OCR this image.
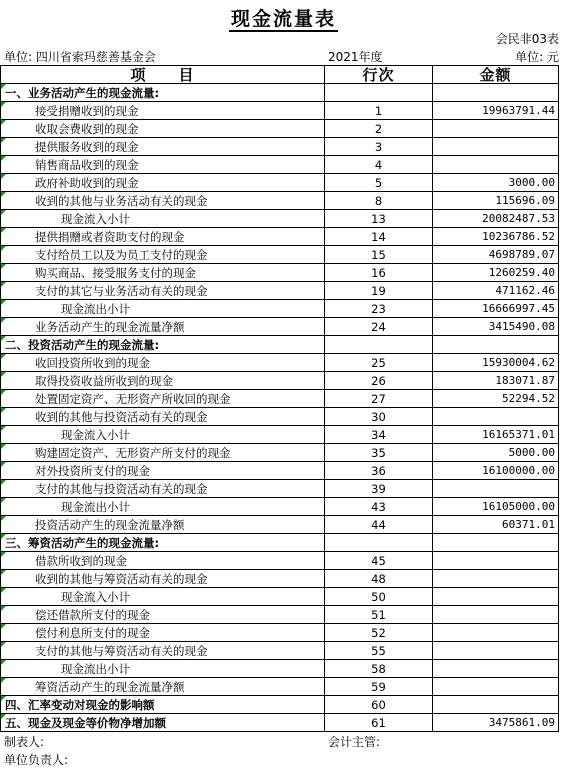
现金流量表
会民非03表
单位: 四川省索玛慈善基金会	2021年度	单位: 元
项　　目	行次	金额

一、业务活动产生的现金流量:		

接受捐赠收到的现金	1	19963791.44

收取会费收到的现金	2	

提供服务收到的现金	3	

销售商品收到的现金	4	

政府补助收到的现金	5	3000.00

收到的其他与业务活动有关的现金	8	115696.09

现金流入小计	13	20082487.53

提供捐赠或者资助支付的现金	14	10236786.52

支付给员工以及为员工支付的现金	15	4698789.07

购买商品、接受服务支付的现金	16	1260259.40

支付的其它与业务活动有关的现金	19	471162.46

现金流出小计	23	16666997.45

业务活动产生的现金流量净额	24	3415490.08

二、投资活动产生的现金流量:		

收回投资所收到的现金	25	15930004.62

取得投资收益所收到的现金	26	183071.87

处置固定资产、无形资产所收回的现金	27	52294.52

收到的其他与投资活动有关的现金	30	

现金流入小计	34	16165371.01

购建固定资产、无形资产所支付的现金	35	5000.00

对外投资所支付的现金	36	16100000.00

支付的其他与投资活动有关的现金	39	

现金流出小计	43	16105000.00

投资活动产生的现金流量净额	44	60371.01

三、筹资活动产生的现金流量:		

借款所收到的现金	45	

收到的其他与筹资活动有关的现金	48	

现金流入小计	50	

偿还借款所支付的现金	51	

偿付利息所支付的现金	52	

支付的其他与筹资活动有关的现金	55	

现金流出小计	58	

筹资活动产生的现金流量净额	59	

四、汇率变动对现金的影响额	60	

五、现金及现金等价物净增加额	61	3475861.09
制表人:	会计主管:
单位负责人:
